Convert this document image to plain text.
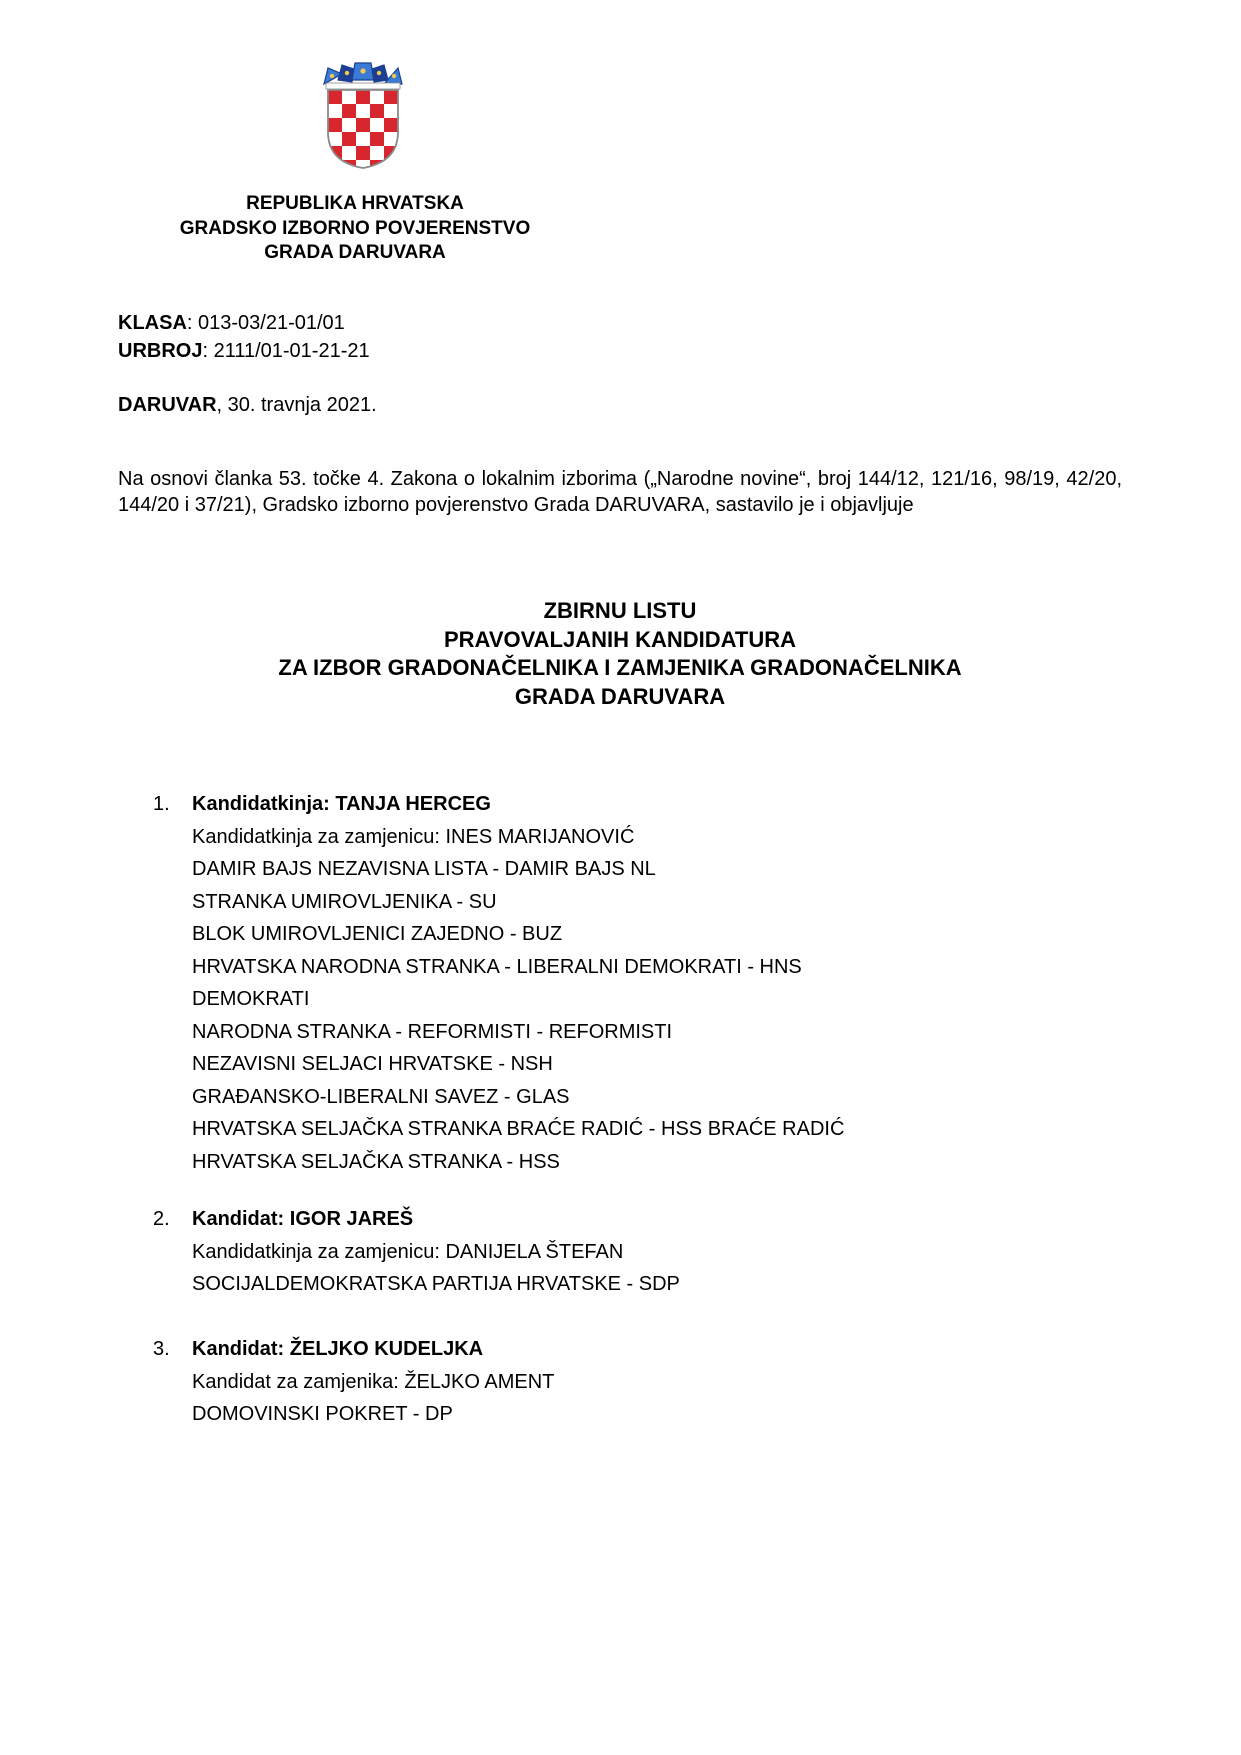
REPUBLIKA HRVATSKA
GRADSKO IZBORNO POVJERENSTVO
GRADA DARUVARA
KLASA: 013-03/21-01/01
URBROJ: 2111/01-01-21-21
DARUVAR, 30. travnja 2021.
Na osnovi članka 53. točke 4. Zakona o lokalnim izborima („Narodne novine“, broj 144/12, 121/16, 98/19, 42/20, 144/20 i 37/21), Gradsko izborno povjerenstvo Grada DARUVARA, sastavilo je i objavljuje
ZBIRNU LISTU
PRAVOVALJANIH KANDIDATURA
ZA IZBOR GRADONAČELNIKA I ZAMJENIKA GRADONAČELNIKA
GRADA DARUVARA
1. Kandidatkinja: TANJA HERCEG
Kandidatkinja za zamjenicu: INES MARIJANOVIĆ
DAMIR BAJS NEZAVISNA LISTA - DAMIR BAJS NL
STRANKA UMIROVLJENIKA - SU
BLOK UMIROVLJENICI ZAJEDNO - BUZ
HRVATSKA NARODNA STRANKA - LIBERALNI DEMOKRATI - HNS
DEMOKRATI
NARODNA STRANKA - REFORMISTI - REFORMISTI
NEZAVISNI SELJACI HRVATSKE - NSH
GRAĐANSKO-LIBERALNI SAVEZ - GLAS
HRVATSKA SELJAČKA STRANKA BRAĆE RADIĆ - HSS BRAĆE RADIĆ
HRVATSKA SELJAČKA STRANKA - HSS
2. Kandidat: IGOR JAREŠ
Kandidatkinja za zamjenicu: DANIJELA ŠTEFAN
SOCIJALDEMOKRATSKA PARTIJA HRVATSKE - SDP
3. Kandidat: ŽELJKO KUDELJKA
Kandidat za zamjenika: ŽELJKO AMENT
DOMOVINSKI POKRET - DP
